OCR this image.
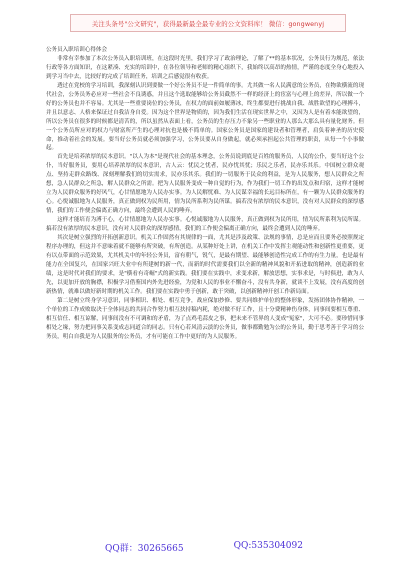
关注头条号"公文研究"，获得最新最全最专业的公文资料库！ 微信：gongwenyj

公务员入职培训心得体会

非常有幸参加了本次公务员入职培训班，在这段时光里，我们学习了政治理论，了解了**的基本状况，公务员行为规范，依法行政等各方面知识，在这紧凑、充实的培训中，在各位领导和老师的精心组织下，我始终以高昂的热情，严谨的态度全身心地投入到学习当中去，比较好的完成了培训任务，培训之后感觉很有收获。

透过在党校的学习培训，我深刻认识到要做一个好公务员不是一件简单的事。尤其做一名人民满意的公务员，在物欲横流的现代社会，公务员务必应对一些社会不良诱惑，并且这个选取能够给公务员截然不一样的经济上的宦富与心理上的差异，所以做一个好的公务员也并不容易。尤其是一些重要岗位的公务员，在权力的面前如履薄冰，终生都要进行挑战自我、战胜欲望的心理搏斗，并且以意志、人格来保证过自我洁身自爱。因为这个世界是物质的，因为我们生活在现实世界之中，又因为人是有着本能欲望的，所以公务员在很多的时候都是清苦的，所以虽然从表面上看，公务员的生存压力不象另一些职业的人那么大那么具有量化财务。但一个公务员所应对的权力与财富所产生的心理对抗也是极不简单的。国家公务员是国家的建设者和管理者，肩负着神圣的历史使命，推动着社会的发展。要当好公务员就必须加强学习，公务员要从自身做起，就必须承担起公共管理的职责，从每一个小事做起。

首先是培养浓厚的民本意识。"以人为本"是现代社会的基本理念，公务员说到底是百姓的服务员，人民的公仆，要当好这个公仆，当好服务员，要用心培养浓厚的民本意识，古人云：忧民之忧者，民亦忧其忧；乐民之乐者，民亦乐其乐。中国树立群众观点、坚持走群众路线、深刻理解我们的切实需求，民亦乐其乐。我们的一切服务于民众的利益，是为人民服务，想人民群众之所想，急人民群众之所急，解人民群众之所需。把为人民服务变成一种自觉的行为，作为我们一切工作的出发点和归宿，这样才能树立为人民群众服务的好风气，心甘情愿地为人民办实事。为人民解忧难、为人民谋幸福的长远目标所在，有一颗为人民群众服务的心。心悦诚服地为人民服务，真正做到权为民所用，情为民所系利为民所谋。搞若没有浓厚的民本意识，没有对人民群众的深厚感情，我们的工作便会偏离正确方向，最终会遭到人民的唾弃。

这样才能培育为溥于心，心甘情愿地为人民办实事。心悦诚服地为人民服务，真正做到权为民所用，情为民所系利为民所谋。搞若没有浓厚的民本意识，没有对人民群众的深厚感情，我们的工作便会偏离正确方向，最终会遭到人民的唾弃。

其次是树立强烈的开拓创新意识。机关工作固然有其规律的一面，尤其是涉及政策、法规的事情，总是应而且要务必按照规定程序办理的，但这并不意味着就不能够有所突破，有所创造。从某种好处上讲，在机关工作中发挥主观能动性和创新性更重要，更有以点带面的示范效果，尤其机关中的年轻公务员，富有朝气，锐气，是最有期望、最能够创造性完成工作的有生力量，也是最有能力在全国复兴，在国家兴旺大业中有所建树的新一代，而新的时代需要我们以全新的精神风貌和开拓进取的精神，创造新的业绩，这是时代对我们的要求，是"横看有奇崛"式的新实践。我们要在实践中，求变求新，解放思想，实事求是，与时俱进，敢为人先，以更加开放的胸襟，积极学习借鉴国内外先进经验，为党和人民的事业不懈奋斗，没有共身新，就谈不上发展，没有高度的创新热情，就难以做好新时期的机关工作。我们要在实践中勇于创新，敢于突破，以创新精神开创工作新局面。

第二是树立终身学习意识，同事相识、相处、相互竞争，战应保加抄修、要共同维护单位的整体形象，发扬团体协作精神，一个单位的工作成败取决于全体同志的共同合作努力相互扶持稿内耗，绝对做不好工作，且十分费精神伤身体，同事间要相互尊重、相互信任、相互谅解，同事间没有不可调和的矛盾，为了点鸡毛蒜皮之事，把未来不管界的人变成"冤家"，大可不必。要珍惜同事相处之缘，努力把同事关系变成志同道合的同志。只有心若风清云淡的公务员，做事都勤勉为公的公务员，勤于思考善于学习的公务员，明白自我是为人民服务的公务员，才有可能在工作中更好的为人民服务。

QQ群：30265665	QQ:535304092
